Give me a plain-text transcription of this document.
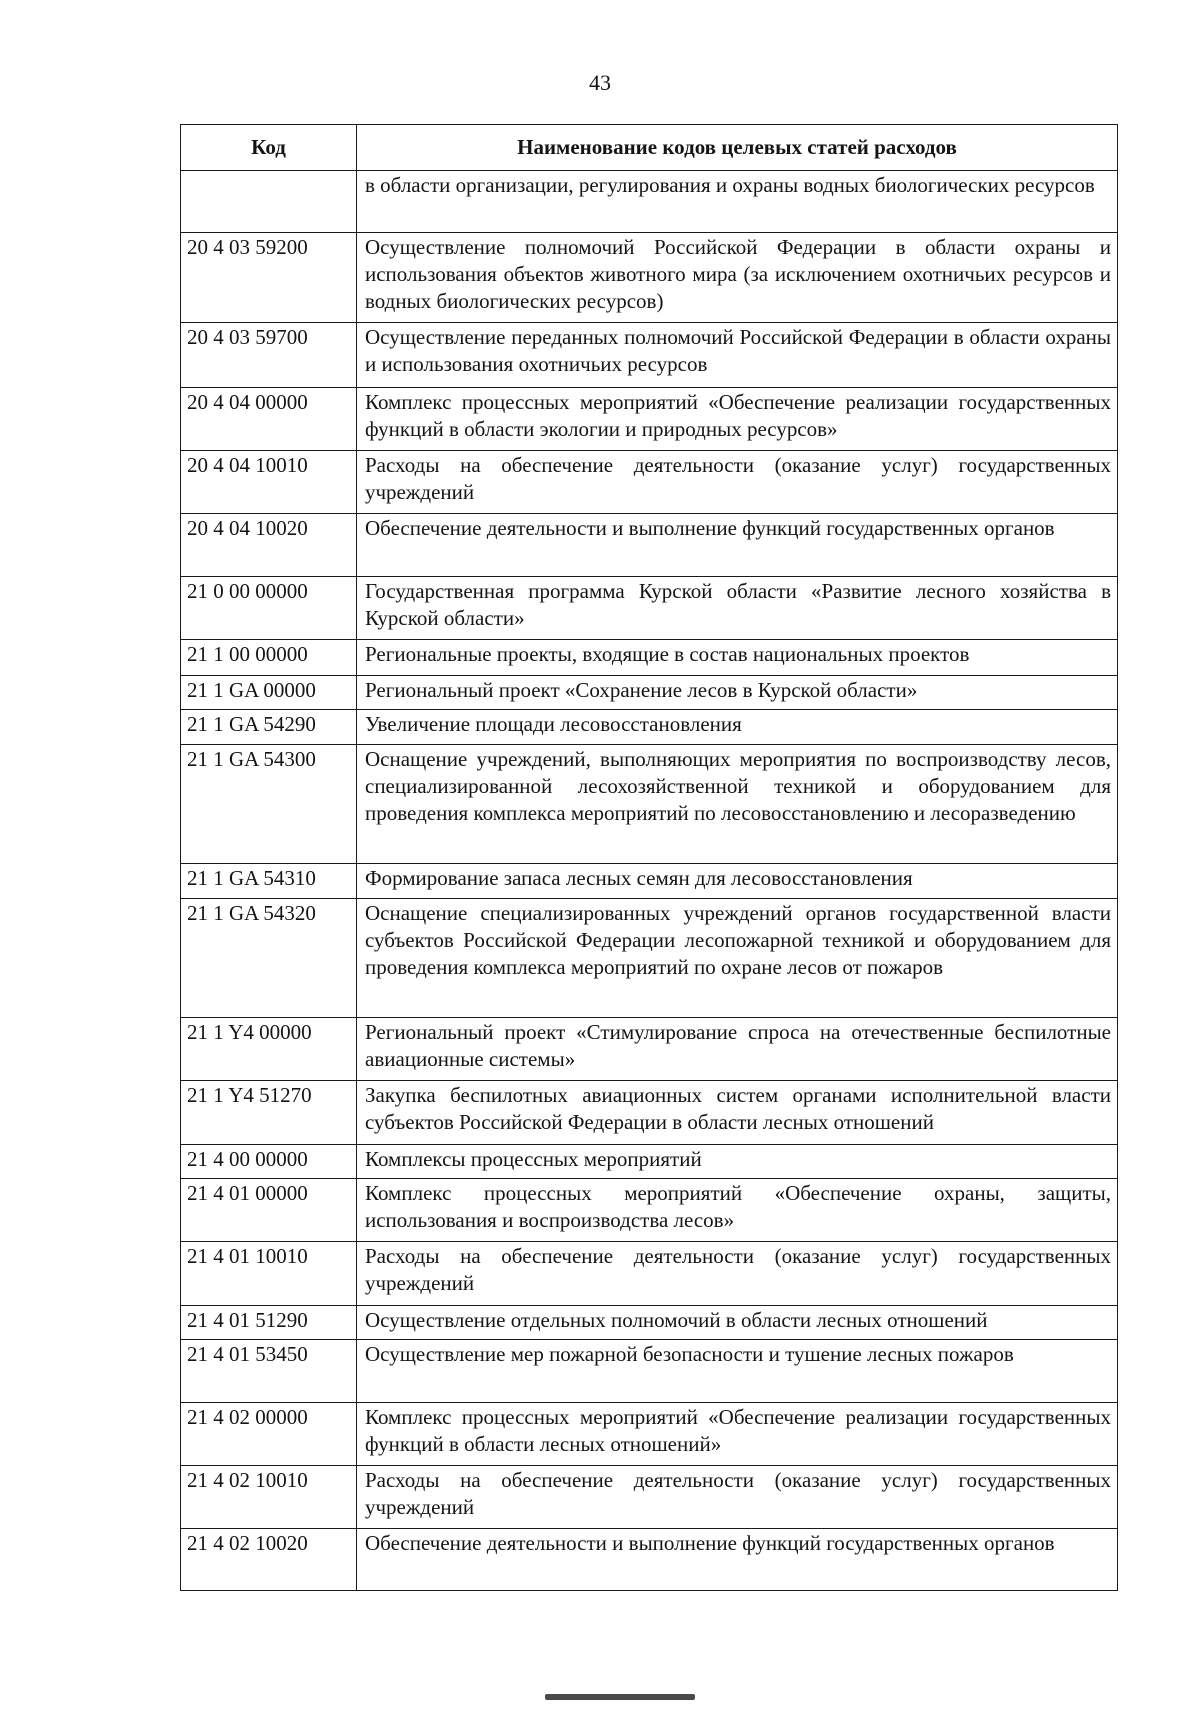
43
Код	Наименование кодов целевых статей расходов
	в области организации, регулирования и охраны водных биологических ресурсов
20 4 03 59200	Осуществление полномочий Российской Федерации в области охраны и использования объектов животного мира (за исключением охотничьих ресурсов и водных биологических ресурсов)
20 4 03 59700	Осуществление переданных полномочий Российской Федерации в области охраны и использования охотничьих ресурсов
20 4 04 00000	Комплекс процессных мероприятий «Обеспечение реализации государственных функций в области экологии и природных ресурсов»
20 4 04 10010	Расходы на обеспечение деятельности (оказание услуг) государственных учреждений
20 4 04 10020	Обеспечение деятельности и выполнение функций государственных органов
21 0 00 00000	Государственная программа Курской области «Развитие лесного хозяйства в Курской области»
21 1 00 00000	Региональные проекты, входящие в состав национальных проектов
21 1 GA 00000	Региональный проект «Сохранение лесов в Курской области»
21 1 GA 54290	Увеличение площади лесовосстановления
21 1 GA 54300	Оснащение учреждений, выполняющих мероприятия по воспроизводству лесов, специализированной лесохозяйственной техникой и оборудованием для проведения комплекса мероприятий по лесовосстановлению и лесоразведению
21 1 GA 54310	Формирование запаса лесных семян для лесовосстановления
21 1 GA 54320	Оснащение специализированных учреждений органов государственной власти субъектов Российской Федерации лесопожарной техникой и оборудованием для проведения комплекса мероприятий по охране лесов от пожаров
21 1 Y4 00000	Региональный проект «Стимулирование спроса на отечественные беспилотные авиационные системы»
21 1 Y4 51270	Закупка беспилотных авиационных систем органами исполнительной власти субъектов Российской Федерации в области лесных отношений
21 4 00 00000	Комплексы процессных мероприятий
21 4 01 00000	Комплекс процессных мероприятий «Обеспечение охраны, защиты, использования и воспроизводства лесов»
21 4 01 10010	Расходы на обеспечение деятельности (оказание услуг) государственных учреждений
21 4 01 51290	Осуществление отдельных полномочий в области лесных отношений
21 4 01 53450	Осуществление мер пожарной безопасности и тушение лесных пожаров
21 4 02 00000	Комплекс процессных мероприятий «Обеспечение реализации государственных функций в области лесных отношений»
21 4 02 10010	Расходы на обеспечение деятельности (оказание услуг) государственных учреждений
21 4 02 10020	Обеспечение деятельности и выполнение функций государственных органов
